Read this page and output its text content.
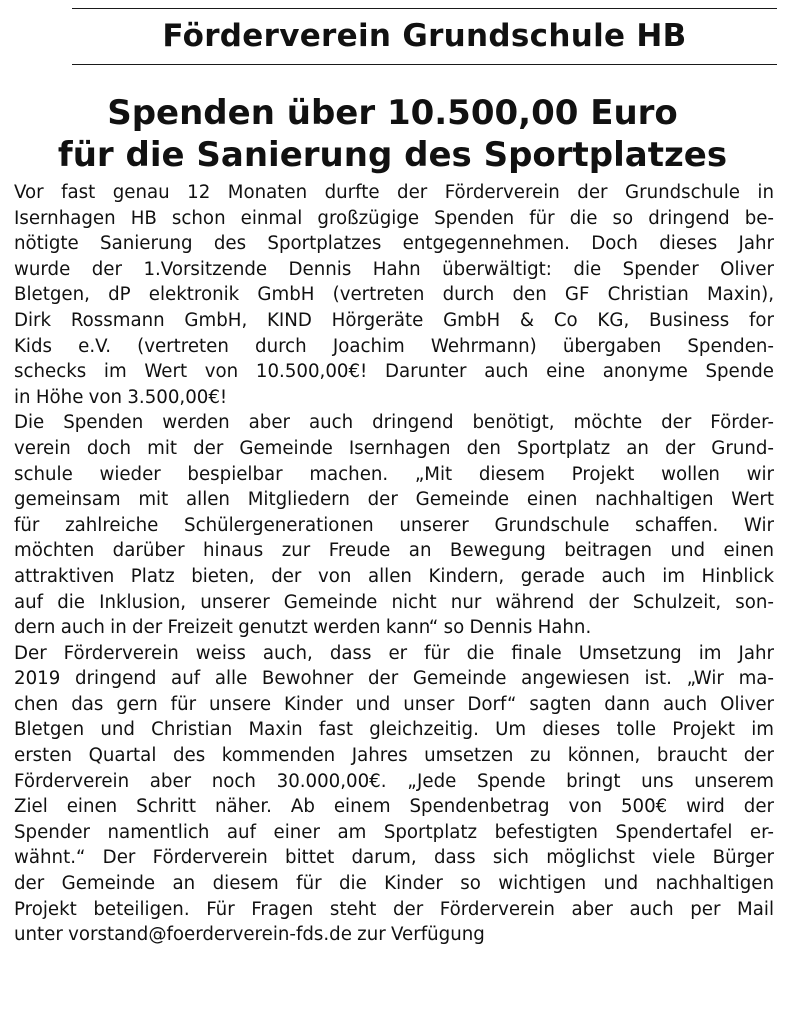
Förderverein Grundschule HB
Spenden über 10.500,00 Euro
für die Sanierung des Sportplatzes

Vor fast genau 12 Monaten durfte der Förderverein der Grundschule in
Isernhagen HB schon einmal großzügige Spenden für die so dringend be-
nötigte Sanierung des Sportplatzes entgegennehmen. Doch dieses Jahr
wurde der 1.Vorsitzende Dennis Hahn überwältigt: die Spender Oliver
Bletgen, dP elektronik GmbH (vertreten durch den GF Christian Maxin),
Dirk Rossmann GmbH, KIND Hörgeräte GmbH & Co KG, Business for
Kids e.V. (vertreten durch Joachim Wehrmann) übergaben Spenden-
schecks im Wert von 10.500,00€! Darunter auch eine anonyme Spende
in Höhe von 3.500,00€!

Die Spenden werden aber auch dringend benötigt, möchte der Förder-
verein doch mit der Gemeinde Isernhagen den Sportplatz an der Grund-
schule wieder bespielbar machen. „Mit diesem Projekt wollen wir
gemeinsam mit allen Mitgliedern der Gemeinde einen nachhaltigen Wert
für zahlreiche Schülergenerationen unserer Grundschule schaffen. Wir
möchten darüber hinaus zur Freude an Bewegung beitragen und einen
attraktiven Platz bieten, der von allen Kindern, gerade auch im Hinblick
auf die Inklusion, unserer Gemeinde nicht nur während der Schulzeit, son-
dern auch in der Freizeit genutzt werden kann“ so Dennis Hahn.

Der Förderverein weiss auch, dass er für die finale Umsetzung im Jahr
2019 dringend auf alle Bewohner der Gemeinde angewiesen ist. „Wir ma-
chen das gern für unsere Kinder und unser Dorf“ sagten dann auch Oliver
Bletgen und Christian Maxin fast gleichzeitig. Um dieses tolle Projekt im
ersten Quartal des kommenden Jahres umsetzen zu können, braucht der
Förderverein aber noch 30.000,00€. „Jede Spende bringt uns unserem
Ziel einen Schritt näher. Ab einem Spendenbetrag von 500€ wird der
Spender namentlich auf einer am Sportplatz befestigten Spendertafel er-
wähnt.“ Der Förderverein bittet darum, dass sich möglichst viele Bürger
der Gemeinde an diesem für die Kinder so wichtigen und nachhaltigen
Projekt beteiligen. Für Fragen steht der Förderverein aber auch per Mail
unter vorstand@foerderverein-fds.de zur Verfügung
